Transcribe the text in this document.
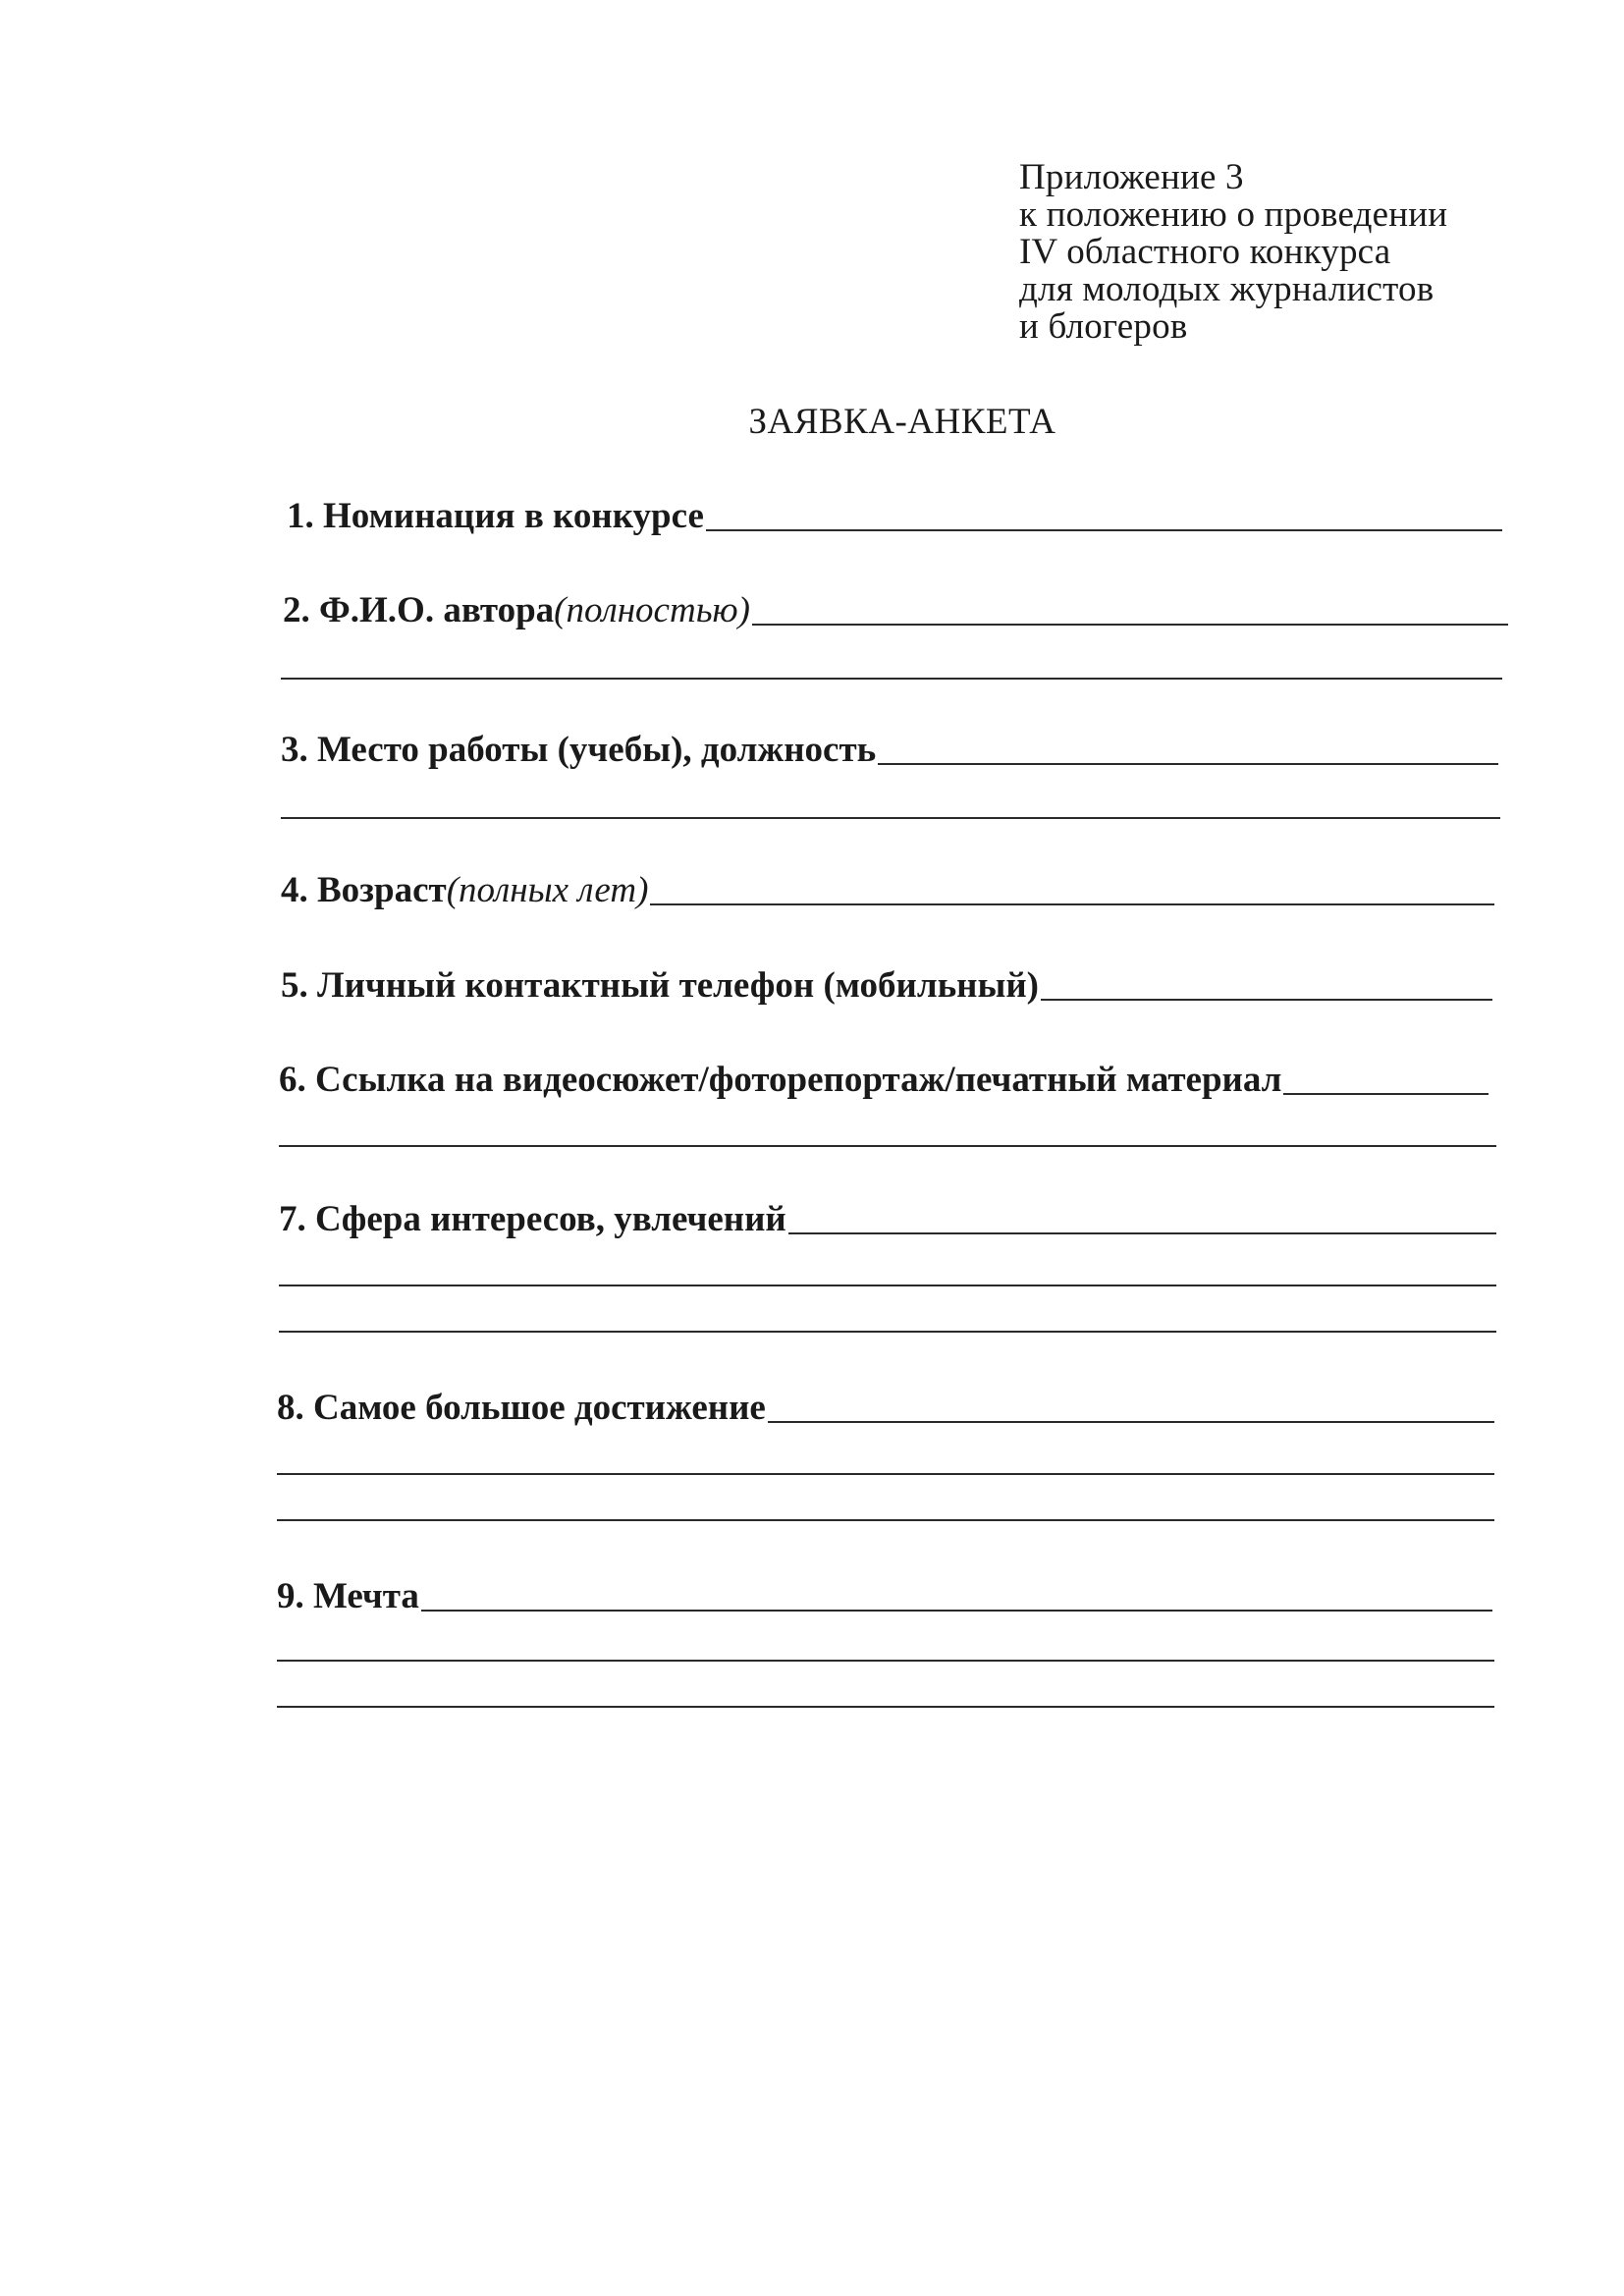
Приложение 3
к положению о проведении
IV областного конкурса
для молодых журналистов
и блогеров
ЗАЯВКА-АНКЕТА
1. Номинация в конкурсе
2. Ф.И.О. автора (полностью)
3. Место работы (учебы), должность
4. Возраст (полных лет)
5. Личный контактный телефон (мобильный)
6. Ссылка на видеосюжет/фоторепортаж/печатный материал
7. Сфера интересов, увлечений
8. Самое большое достижение
9. Мечта
